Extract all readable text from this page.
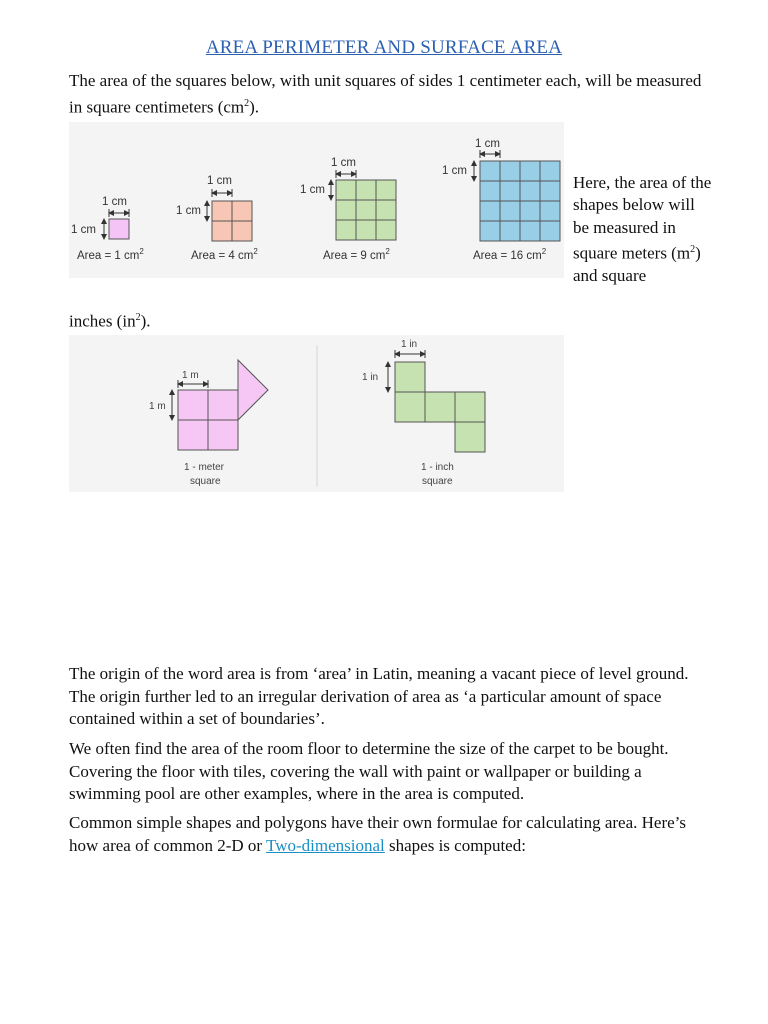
AREA PERIMETER AND SURFACE AREA

The area of the squares below, with unit squares of sides 1 centimeter each, will be measured in square centimeters $(cm^2)$.

1 cm
1 cm
Area = 1 $cm^2$
1 cm
1 cm
Area = 4 $cm^2$
1 cm
1 cm
Area = 9 $cm^2$
1 cm
1 cm
Area = 16 $cm^2$

Here, the area of the shapes below will be measured in square meters $(m^2)$ and square

inches $(in^2)$.

1 m
1 m
1 - meter
square
1 in
1 in
1 - inch
square

The origin of the word area is from ‘area’ in Latin, meaning a vacant piece of level ground. The origin further led to an irregular derivation of area as ‘a particular amount of space contained within a set of boundaries’.

We often find the area of the room floor to determine the size of the carpet to be bought. Covering the floor with tiles, covering the wall with paint or wallpaper or building a swimming pool are other examples, where in the area is computed.

Common simple shapes and polygons have their own formulae for calculating area. Here’s how area of common 2-D or Two-dimensional shapes is computed:
